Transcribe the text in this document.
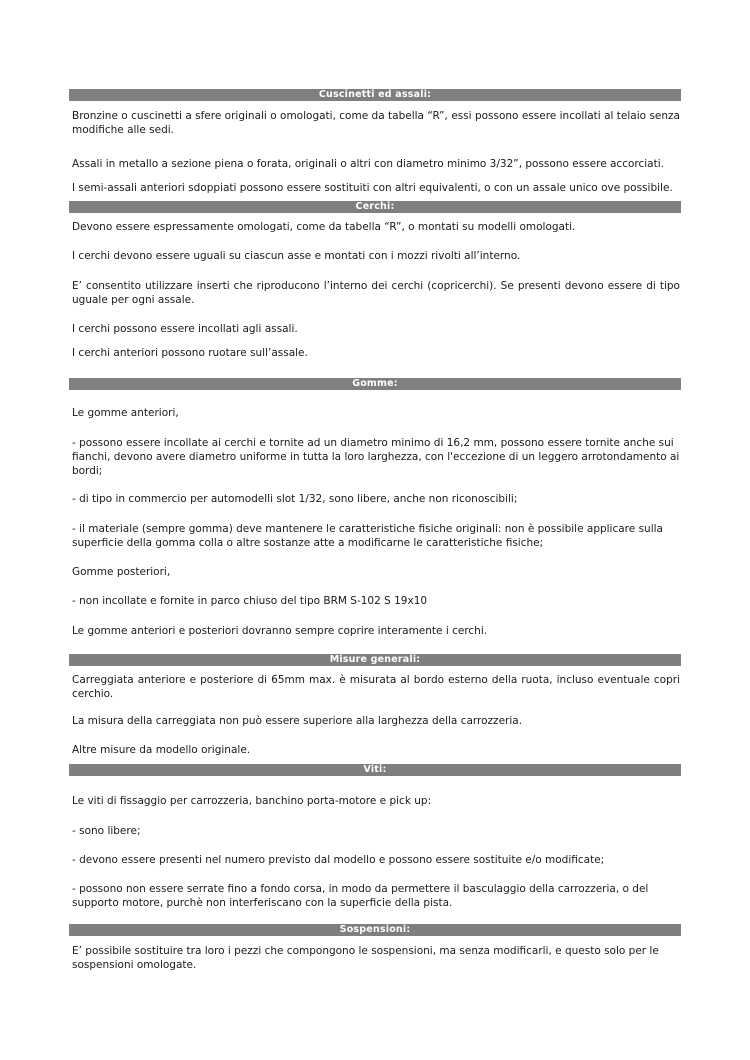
Cuscinetti ed assali:

Bronzine o cuscinetti a sfere originali o omologati, come da tabella “R”, essi possono essere incollati al telaio senza modifiche alle sedi.

Assali in metallo a sezione piena o forata, originali o altri con diametro minimo 3/32”, possono essere accorciati.

I semi-assali anteriori sdoppiati possono essere sostituiti con altri equivalenti, o con un assale unico ove possibile.

Cerchi:

Devono essere espressamente omologati, come da tabella “R”, o montati su modelli omologati.

I cerchi devono essere uguali su ciascun asse e montati con i mozzi rivolti all’interno.

E’ consentito utilizzare inserti che riproducono l’interno dei cerchi (copricerchi). Se presenti devono essere di tipo uguale per ogni assale.

I cerchi possono essere incollati agli assali.

I cerchi anteriori possono ruotare sull’assale.

Gomme:

Le gomme anteriori,

- possono essere incollate ai cerchi e tornite ad un diametro minimo di 16,2 mm, possono essere tornite anche sui fianchi, devono avere diametro uniforme in tutta la loro larghezza, con l'eccezione di un leggero arrotondamento ai bordi;

- di tipo in commercio per automodelli slot 1/32, sono libere, anche non riconoscibili;

- il materiale (sempre gomma) deve mantenere le caratteristiche fisiche originali: non è possibile applicare sulla superficie della gomma colla o altre sostanze atte a modificarne le caratteristiche fisiche;

Gomme posteriori,

- non incollate e fornite in parco chiuso del tipo BRM S-102 S 19x10

Le gomme anteriori e posteriori dovranno sempre coprire interamente i cerchi.

Misure generali:

Carreggiata anteriore e posteriore di 65mm max. è misurata al bordo esterno della ruota, incluso eventuale copri cerchio.

La misura della carreggiata non può essere superiore alla larghezza della carrozzeria.

Altre misure da modello originale.

Viti:

Le viti di fissaggio per carrozzeria, banchino porta-motore e pick up:

- sono libere;

- devono essere presenti nel numero previsto dal modello e possono essere sostituite e/o modificate;

- possono non essere serrate fino a fondo corsa, in modo da permettere il basculaggio della carrozzeria, o del supporto motore, purchè non interferiscano con la superficie della pista.

Sospensioni:

E’ possibile sostituire tra loro i pezzi che compongono le sospensioni, ma senza modificarli, e questo solo per le sospensioni omologate.
